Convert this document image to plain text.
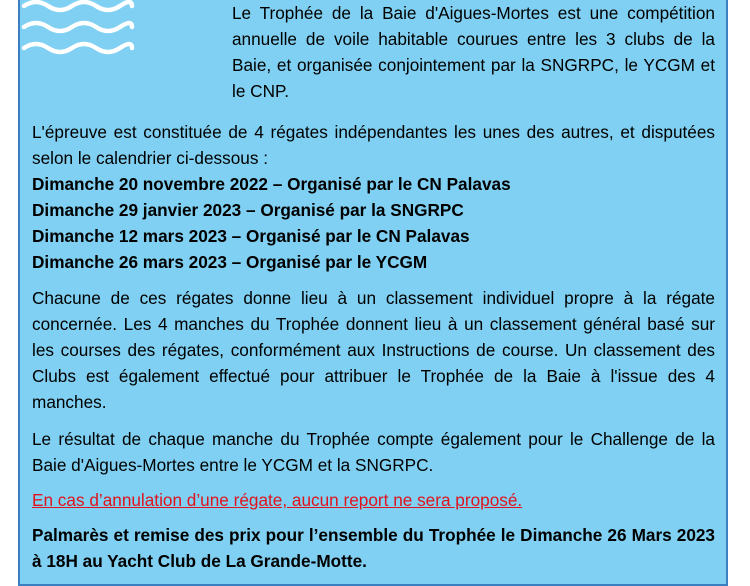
Le Trophée de la Baie d'Aigues-Mortes est une compétition annuelle de voile habitable courues entre les 3 clubs de la Baie, et organisée conjointement par la SNGRPC, le YCGM et le CNP.

L'épreuve est constituée de 4 régates indépendantes les unes des autres, et disputées selon le calendrier ci-dessous :

Dimanche 20 novembre 2022 – Organisé par le CN Palavas

Dimanche 29 janvier 2023 – Organisé par la SNGRPC

Dimanche 12 mars 2023 – Organisé par le CN Palavas

Dimanche 26 mars 2023 – Organisé par le YCGM

Chacune de ces régates donne lieu à un classement individuel propre à la régate concernée. Les 4 manches du Trophée donnent lieu à un classement général basé sur les courses des régates, conformément aux Instructions de course. Un classement des Clubs est également effectué pour attribuer le Trophée de la Baie à l'issue des 4 manches.

Le résultat de chaque manche du Trophée compte également pour le Challenge de la Baie d'Aigues-Mortes entre le YCGM et la SNGRPC.

En cas d’annulation d’une régate, aucun report ne sera proposé.

Palmarès et remise des prix pour l’ensemble du Trophée le Dimanche 26 Mars 2023 à 18H au Yacht Club de La Grande-Motte.
